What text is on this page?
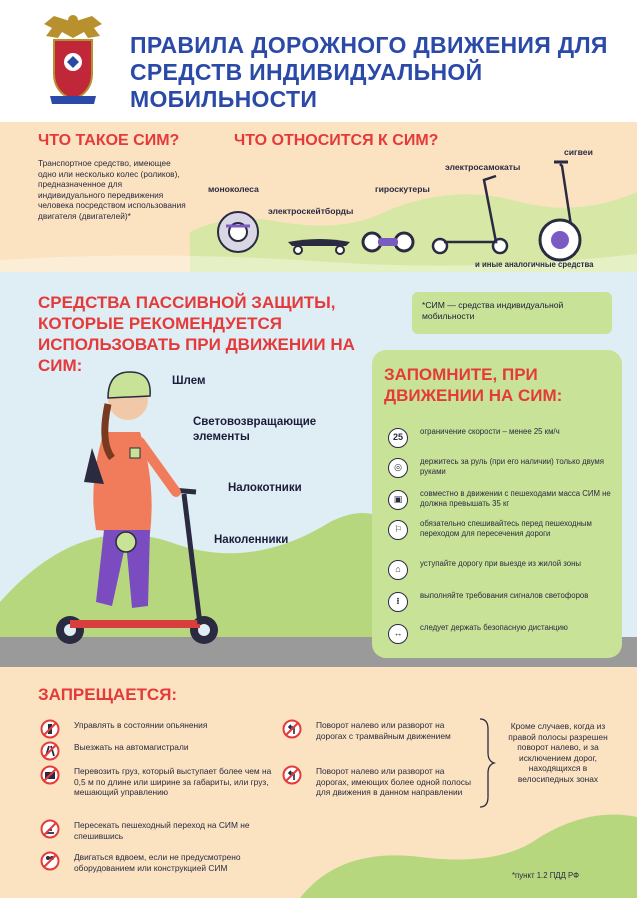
ПРАВИЛА ДОРОЖНОГО ДВИЖЕНИЯ ДЛЯ СРЕДСТВ ИНДИВИДУАЛЬНОЙ МОБИЛЬНОСТИ
ЧТО ТАКОЕ СИМ?
Транспортное средство, имеющее одно или несколько колес (роликов), предназначенное для индивидуального передвижения человека посредством использования двигателя (двигателей)*
ЧТО ОТНОСИТСЯ К СИМ?
моноколеса
электроскейтборды
гироскутеры
электросамокаты
сигвеи
и иные аналогичные средства
СРЕДСТВА ПАССИВНОЙ ЗАЩИТЫ, КОТОРЫЕ РЕКОМЕНДУЕТСЯ ИСПОЛЬЗОВАТЬ ПРИ ДВИЖЕНИИ НА СИМ:
*СИМ — средства индивидуальной мобильности
Шлем
Световозвращающие элементы
Налокотники
Наколенники
ЗАПОМНИТЕ, ПРИ ДВИЖЕНИИ НА СИМ:
25
ограничение скорости – менее 25 км/ч
◎
держитесь за руль (при его наличии) только двумя руками
▣
совместно в движении с пешеходами масса СИМ не должна превышать 35 кг
⚐
обязательно спешивайтесь перед пешеходным переходом для пересечения дороги
⌂
уступайте дорогу при выезде из жилой зоны
⁝
выполняйте требования сигналов светофоров
↔
следует держать безопасную дистанцию
ЗАПРЕЩАЕТСЯ:
Управлять в состоянии опьянения
Выезжать на автомагистрали
Перевозить груз, который выступает более чем на 0,5 м по длине или ширине за габариты, или груз, мешающий управлению
Пересекать пешеходный переход на СИМ не спешившись
Двигаться вдвоем, если не предусмотрено оборудованием или конструкцией СИМ
Поворот налево или разворот на дорогах с трамвайным движением
Поворот налево или разворот на дорогах, имеющих более одной полосы для движения в данном направлении
Кроме случаев, когда из правой полосы разрешен поворот налево, и за исключением дорог, находящихся в велосипедных зонах
*пункт 1.2 ПДД РФ
